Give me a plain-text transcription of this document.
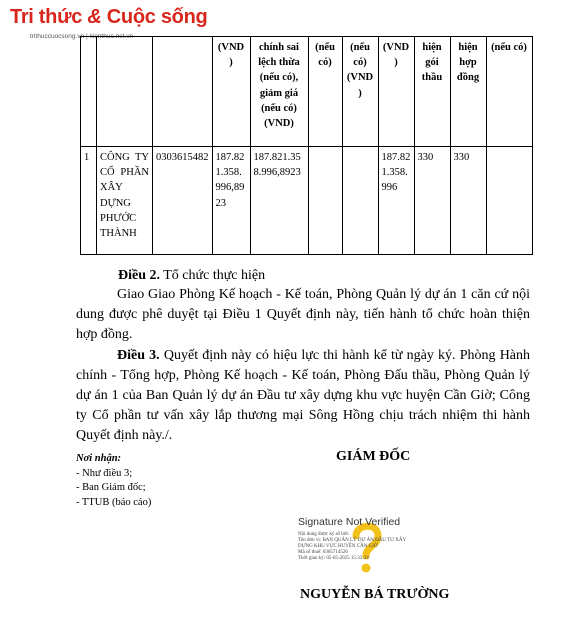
Tri thức & Cuộc sống
trithuccuocsong.vn | kienthuc.net.vn
			(VND )	chính sai lệch thừa (nếu có), giảm giá (nếu có) (VND)	(nếu có)	(nếu có) (VND )	(VND )	hiện gói thầu	hiện hợp đồng	(nếu có)
1	CÔNG TY CỔ PHẦN XÂY DỰNG PHƯỚC THÀNH	0303615482	187.821.358.996,8923	187.821.358.996,8923			187.821.358.996	330	330	
Điều 2. Tổ chức thực hiện
Giao Giao Phòng Kế hoạch - Kế toán, Phòng Quản lý dự án 1 căn cứ nội dung được phê duyệt tại Điều 1 Quyết định này, tiến hành tổ chức hoàn thiện hợp đồng.
Điều 3. Quyết định này có hiệu lực thi hành kể từ ngày ký. Phòng Hành chính - Tổng hợp, Phòng Kế hoạch - Kế toán, Phòng Đấu thầu, Phòng Quản lý dự án 1 của Ban Quản lý dự án Đầu tư xây dựng khu vực huyện Cần Giờ; Công ty Cổ phần tư vấn xây lắp thương mại Sông Hồng chịu trách nhiệm thi hành Quyết định này./.
Nơi nhận:
- Như điều 3;
- Ban Giám đốc;
- TTUB (báo cáo)
GIÁM ĐỐC
Signature Not Verified
Nội dung được ký số bởi:
Tên đơn vị: BAN QUẢN LÝ DỰ ÁN ĐẦU TƯ XÂY
DỰNG KHU VỰC HUYỆN CẦN GIỜ
Mã số thuế: 0305714526
Thời gian ký: 05-05-2025 15:33:24
NGUYỄN BÁ TRƯỜNG
